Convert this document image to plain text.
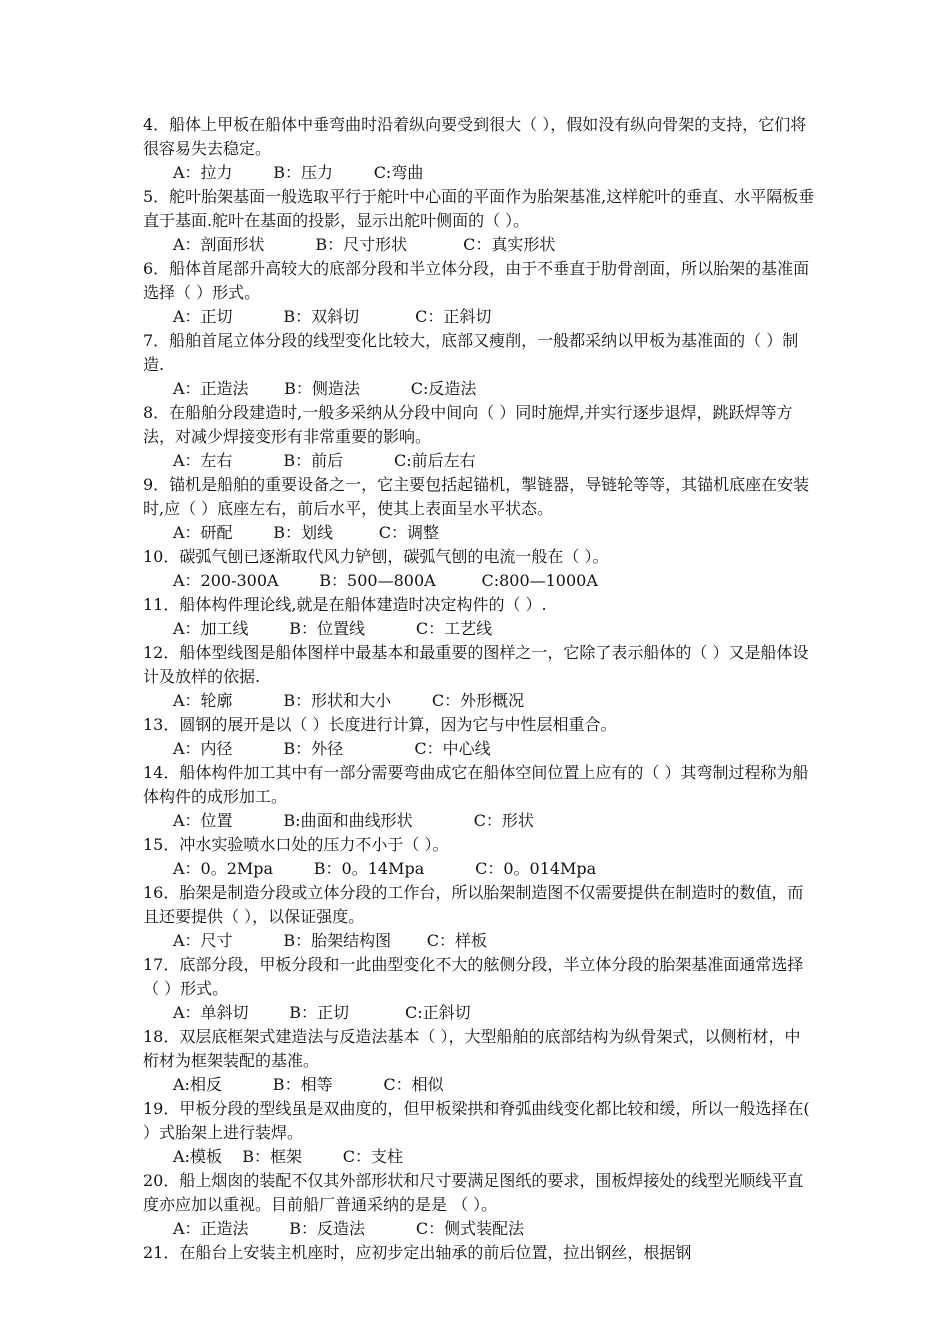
4．船体上甲板在船体中垂弯曲时沿着纵向要受到很大（ ），假如没有纵向骨架的支持，它们将很容易失去稳定。

A：拉力        B：压力        C:弯曲

5．舵叶胎架基面一般选取平行于舵叶中心面的平面作为胎架基准,这样舵叶的垂直、水平隔板垂直于基面.舵叶在基面的投影，显示出舵叶侧面的（ ）。

A：剖面形状          B：尺寸形状           C：真实形状

6．船体首尾部升高较大的底部分段和半立体分段，由于不垂直于肋骨剖面，所以胎架的基准面选择（ ）形式。

A：正切          B：双斜切           C：正斜切

7．船舶首尾立体分段的线型变化比较大，底部又瘦削，一般都采纳以甲板为基准面的（ ）制造.

A：正造法       B：侧造法          C:反造法

8．在船舶分段建造时,一般多采纳从分段中间向（ ）同时施焊,并实行逐步退焊，跳跃焊等方法，对减少焊接变形有非常重要的影响。

A：左右          B：前后          C:前后左右

9．锚机是船舶的重要设备之一，它主要包括起锚机，掣链器，导链轮等等，其锚机底座在安装时,应（ ）底座左右，前后水平，使其上表面呈水平状态。

A：研配        B：划线         C：调整

10．碳弧气刨已逐渐取代风力铲刨，碳弧气刨的电流一般在（ ）。

A：200-300A        B：500—800A         C:800—1000A

11．船体构件理论线,就是在船体建造时决定构件的（ ）.

A：加工线        B：位置线          C：工艺线

12．船体型线图是船体图样中最基本和最重要的图样之一，它除了表示船体的（ ）又是船体设计及放样的依据.

A：轮廓          B：形状和大小        C：外形概况

13．圆钢的展开是以（ ）长度进行计算，因为它与中性层相重合。

A：内径          B：外径              C：中心线

14．船体构件加工其中有一部分需要弯曲成它在船体空间位置上应有的（ ）其弯制过程称为船体构件的成形加工。

A：位置          B:曲面和曲线形状            C：形状

15．冲水实验喷水口处的压力不小于（ ）。

A：0。2Mpa        B：0。14Mpa          C：0。014Mpa

16．胎架是制造分段或立体分段的工作台，所以胎架制造图不仅需要提供在制造时的数值，而且还要提供（ ），以保证强度。

A：尺寸          B：胎架结构图       C：样板

17．底部分段，甲板分段和一此曲型变化不大的舷侧分段，半立体分段的胎架基准面通常选择（ ）形式。

A：单斜切        B：正切           C:正斜切

18．双层底框架式建造法与反造法基本（ ），大型船舶的底部结构为纵骨架式，以侧桁材，中桁材为框架装配的基准。

A:相反          B：相等          C：相似

19．甲板分段的型线虽是双曲度的，但甲板梁拱和脊弧曲线变化都比较和缓，所以一般选择在( ）式胎架上进行装焊。

A:模板    B：框架        C：支柱

20．船上烟囱的装配不仅其外部形状和尺寸要满足图纸的要求，围板焊接处的线型光顺线平直度亦应加以重视。目前船厂普通采纳的是是 （ ）。

A：正造法        B：反造法          C：侧式装配法

21．在船台上安装主机座时，应初步定出轴承的前后位置，拉出钢丝，根据钢
